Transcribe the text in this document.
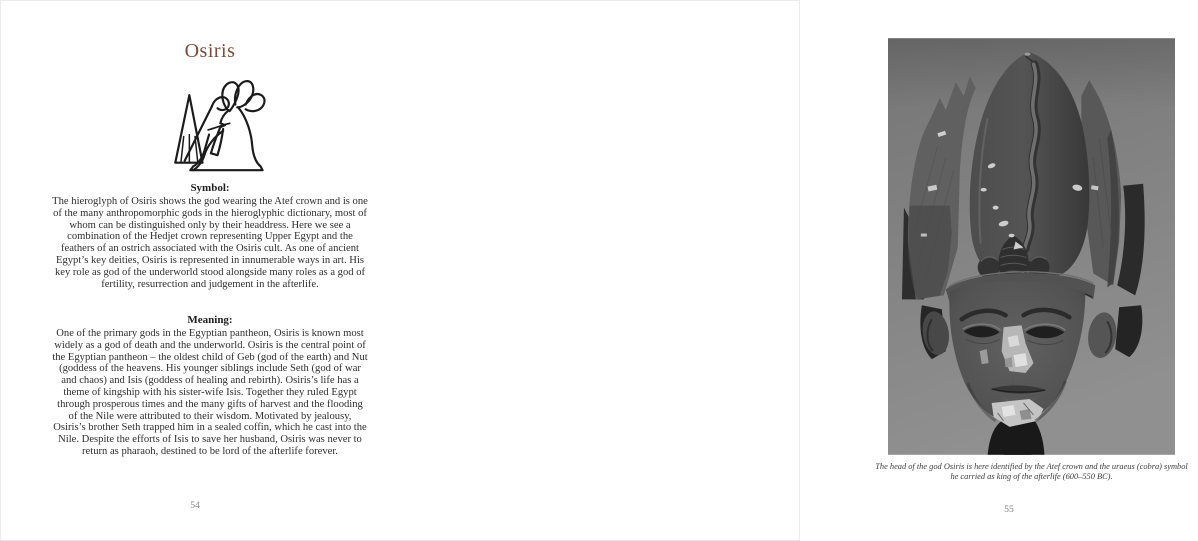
Osiris
Symbol:

The hieroglyph of Osiris shows the god wearing the Atef crown and is one of the many anthropomorphic gods in the hieroglyphic dictionary, most of whom can be distinguished only by their headdress. Here we see a combination of the Hedjet crown representing Upper Egypt and the feathers of an ostrich associated with the Osiris cult. As one of ancient Egypt’s key deities, Osiris is represented in innumerable ways in art. His key role as god of the underworld stood alongside many roles as a god of fertility, resurrection and judgement in the afterlife.

Meaning:

One of the primary gods in the Egyptian pantheon, Osiris is known most widely as a god of death and the underworld. Osiris is the central point of the Egyptian pantheon – the oldest child of Geb (god of the earth) and Nut (goddess of the heavens. His younger siblings include Seth (god of war and chaos) and Isis (goddess of healing and rebirth). Osiris’s life has a theme of kingship with his sister-wife Isis. Together they ruled Egypt through prosperous times and the many gifts of harvest and the flooding of the Nile were attributed to their wisdom. Motivated by jealousy, Osiris’s brother Seth trapped him in a sealed coffin, which he cast into the Nile. Despite the efforts of Isis to save her husband, Osiris was never to return as pharaoh, destined to be lord of the afterlife forever.

54
The head of the god Osiris is here identified by the Atef crown and the uraeus (cobra) symbol
he carried as king of the afterlife (600–550 BC).
55
